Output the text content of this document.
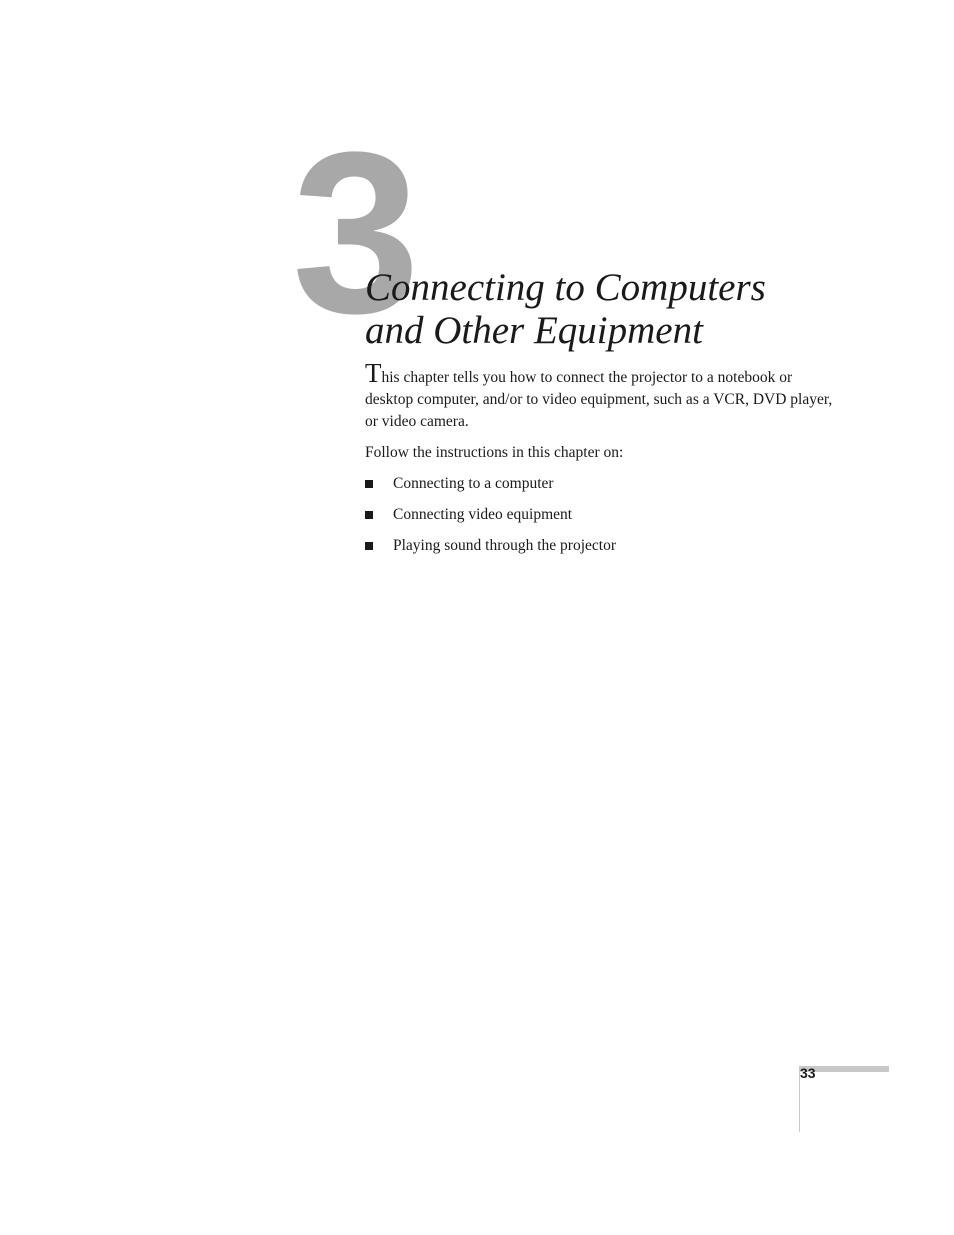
3
Connecting to Computers
and Other Equipment

This chapter tells you how to connect the projector to a notebook or desktop computer, and/or to video equipment, such as a VCR, DVD player, or video camera.

Follow the instructions in this chapter on:

Connecting to a computer
Connecting video equipment
Playing sound through the projector
33
